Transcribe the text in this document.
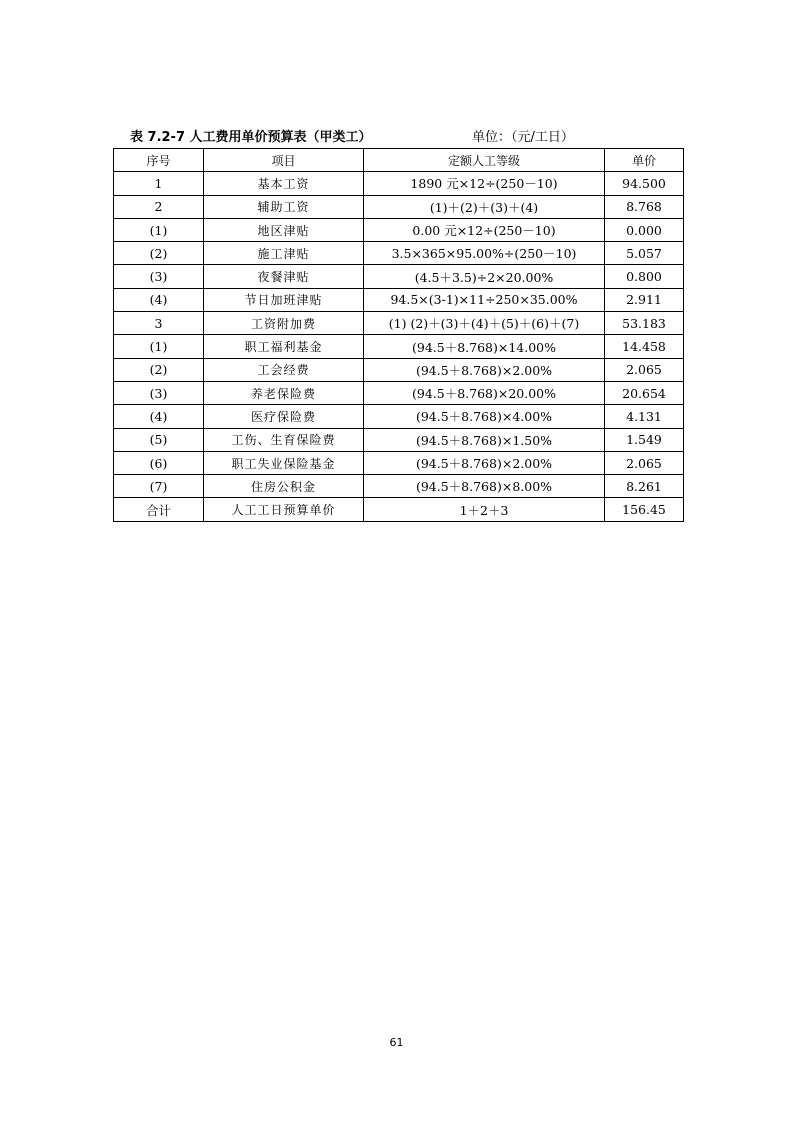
表 7.2-7 人工费用单价预算表（甲类工）	单位：（元/工日）
序号	项目	定额人工等级	单价
1	基本工资	1890 元×12÷(250－10)	94.500
2	辅助工资	(1)＋(2)＋(3)＋(4)	8.768
(1)	地区津贴	0.00 元×12÷(250－10)	0.000
(2)	施工津贴	3.5×365×95.00%÷(250－10)	5.057
(3)	夜餐津贴	(4.5＋3.5)÷2×20.00%	0.800
(4)	节日加班津贴	94.5×(3-1)×11÷250×35.00%	2.911
3	工资附加费	(1) (2)＋(3)＋(4)＋(5)＋(6)＋(7)	53.183
(1)	职工福利基金	(94.5＋8.768)×14.00%	14.458
(2)	工会经费	(94.5＋8.768)×2.00%	2.065
(3)	养老保险费	(94.5＋8.768)×20.00%	20.654
(4)	医疗保险费	(94.5＋8.768)×4.00%	4.131
(5)	工伤、生育保险费	(94.5＋8.768)×1.50%	1.549
(6)	职工失业保险基金	(94.5＋8.768)×2.00%	2.065
(7)	住房公积金	(94.5＋8.768)×8.00%	8.261
合计	人工工日预算单价	1＋2＋3	156.45
61
